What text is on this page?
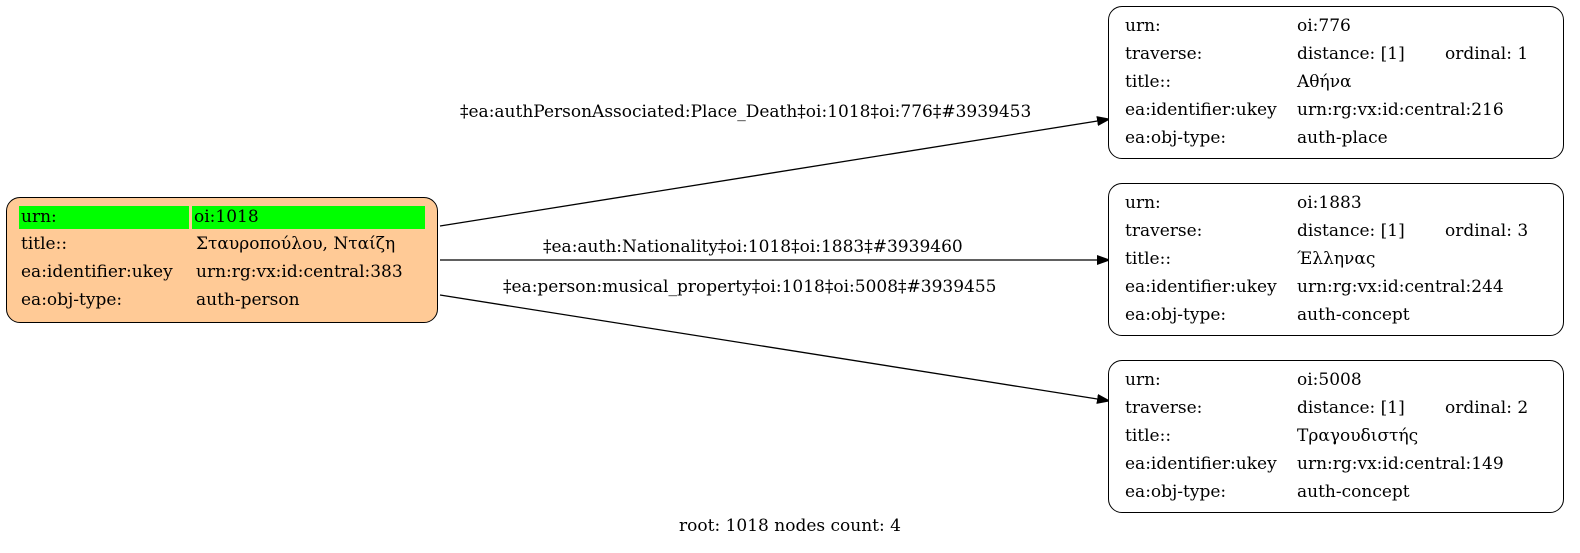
‡ea:authPersonAssociated:Place_Death‡oi:1018‡oi:776‡#3939453
‡ea:auth:Nationality‡oi:1018‡oi:1883‡#3939460
‡ea:person:musical_property‡oi:1018‡oi:5008‡#3939455
urn:	oi:1018
title::	Σταυροπούλου, Νταίζη
ea:identifier:ukey urn:rg:vx:id:central:383
ea:obj-type:	auth-person
urn:	oi:776
traverse:	distance: [1] ordinal: 1
title::	Αθήνα
ea:identifier:ukey urn:rg:vx:id:central:216
ea:obj-type:	auth-place
urn:	oi:1883
traverse:	distance: [1] ordinal: 3
title::	Έλληνας
ea:identifier:ukey urn:rg:vx:id:central:244
ea:obj-type:	auth-concept
urn:	oi:5008
traverse:	distance: [1] ordinal: 2
title::	Τραγουδιστής
ea:identifier:ukey urn:rg:vx:id:central:149
ea:obj-type:	auth-concept
root: 1018 nodes count: 4
